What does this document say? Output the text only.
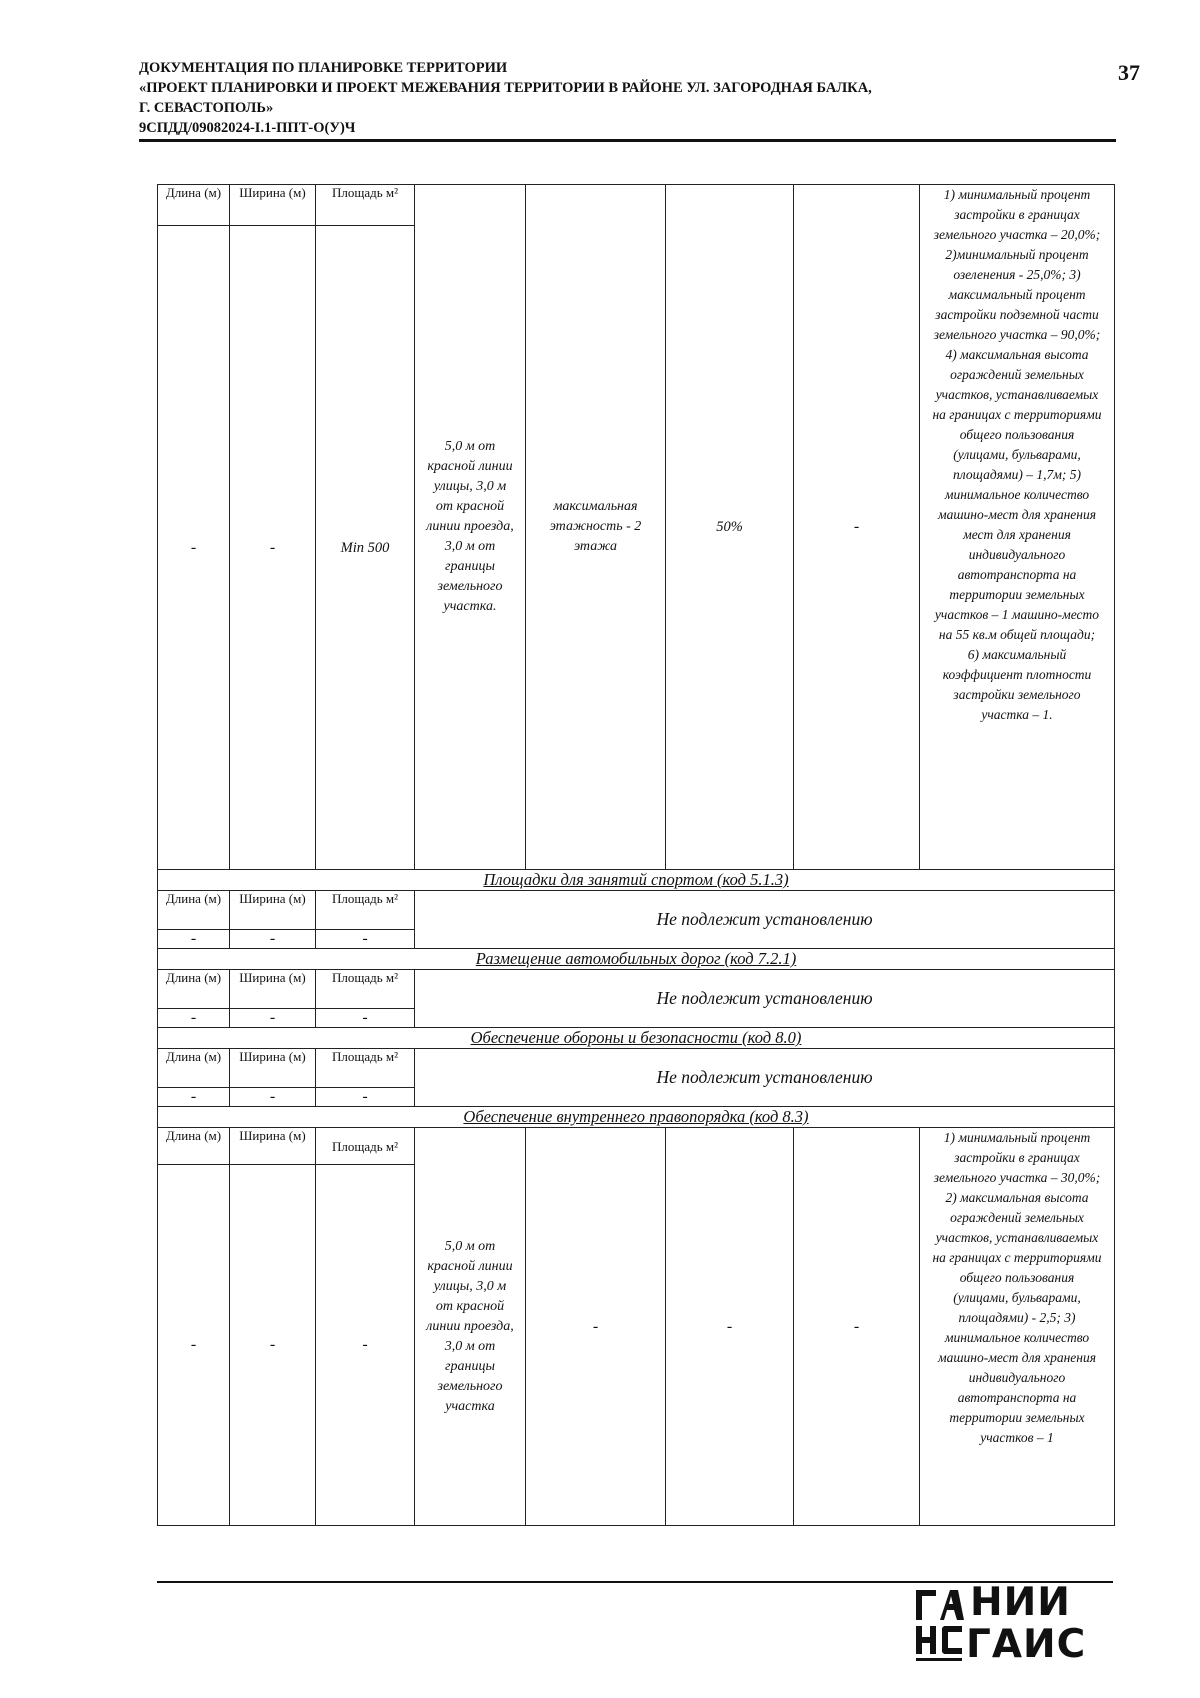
ДОКУМЕНТАЦИЯ ПО ПЛАНИРОВКЕ ТЕРРИТОРИИ
«ПРОЕКТ ПЛАНИРОВКИ И ПРОЕКТ МЕЖЕВАНИЯ ТЕРРИТОРИИ В РАЙОНЕ УЛ. ЗАГОРОДНАЯ БАЛКА,
Г. СЕВАСТОПОЛЬ»
9СПДД/09082024-I.1-ППТ-О(У)Ч
37
Длина (м)	Ширина (м)	Площадь м²	5,0 м от красной линии улицы, 3,0 м от красной линии проезда, 3,0 м от границы земельного участка.	максимальная этажность - 2 этажа	50%	-	1) минимальный процент застройки в границах земельного участка – 20,0%; 2)минимальный процент озеленения - 25,0%; 3) максимальный процент застройки подземной части земельного участка – 90,0%; 4) максимальная высота ограждений земельных участков, устанавливаемых на границах с территориями общего пользования (улицами, бульварами, площадями) – 1,7м; 5) минимальное количество машино-мест для хранения мест для хранения индивидуального автотранспорта на территории земельных участков – 1 машино-место на 55 кв.м общей площади; 6) максимальный коэффициент плотности застройки земельного участка – 1.
-	-	Min 500					
Площадки для занятий спортом (код 5.1.3)							
Длина (м)	Ширина (м)	Площадь м²	Не подлежит установлению				
-	-	-					
Размещение автомобильных дорог (код 7.2.1)							
Длина (м)	Ширина (м)	Площадь м²	Не подлежит установлению				
-	-	-					
Обеспечение обороны и безопасности (код 8.0)							
Длина (м)	Ширина (м)	Площадь м²	Не подлежит установлению				
-	-	-					
Обеспечение внутреннего правопорядка (код 8.3)							
Длина (м)	Ширина (м)	Площадь м²	5,0 м от красной линии улицы, 3,0 м от красной линии проезда, 3,0 м от границы земельного участка	-	-	-	1) минимальный процент застройки в границах земельного участка – 30,0%; 2) максимальная высота ограждений земельных участков, устанавливаемых на границах с территориями общего пользования (улицами, бульварами, площадями) - 2,5; 3) минимальное количество машино-мест для хранения индивидуального автотранспорта на территории земельных участков – 1
-	-	-					
НИИ
ГАИС
